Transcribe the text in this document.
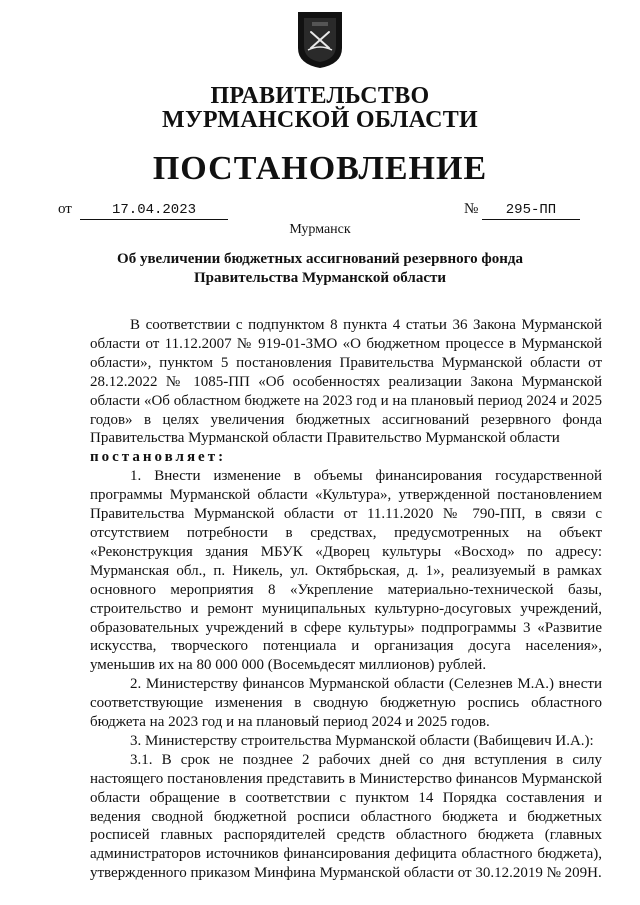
ПРАВИТЕЛЬСТВО
МУРМАНСКОЙ ОБЛАСТИ
ПОСТАНОВЛЕНИЕ
от	17.04.2023	№	295-ПП
Мурманск
Об увеличении бюджетных ассигнований резервного фонда
Правительства Мурманской области

В соответствии с подпунктом 8 пункта 4 статьи 36 Закона Мурманской области от 11.12.2007 № 919-01-ЗМО «О бюджетном процессе в Мурманской области», пунктом 5 постановления Правительства Мурманской области от 28.12.2022 № 1085-ПП «Об особенностях реализации Закона Мурманской области «Об областном бюджете на 2023 год и на плановый период 2024 и 2025 годов» в целях увеличения бюджетных ассигнований резервного фонда Правительства Мурманской области Правительство Мурманской области

постановляет:

1. Внести изменение в объемы финансирования государственной программы Мурманской области «Культура», утвержденной постановлением Правительства Мурманской области от 11.11.2020 № 790-ПП, в связи с отсутствием потребности в средствах, предусмотренных на объект «Реконструкция здания МБУК «Дворец культуры «Восход» по адресу: Мурманская обл., п. Никель, ул. Октябрьская, д. 1», реализуемый в рамках основного мероприятия 8 «Укрепление материально-технической базы, строительство и ремонт муниципальных культурно-досуговых учреждений, образовательных учреждений в сфере культуры» подпрограммы 3 «Развитие искусства, творческого потенциала и организация досуга населения», уменьшив их на 80 000 000 (Восемьдесят миллионов) рублей.

2. Министерству финансов Мурманской области (Селезнев М.А.) внести соответствующие изменения в сводную бюджетную роспись областного бюджета на 2023 год и на плановый период 2024 и 2025 годов.

3. Министерству строительства Мурманской области (Вабищевич И.А.):

3.1. В срок не позднее 2 рабочих дней со дня вступления в силу настоящего постановления представить в Министерство финансов Мурманской области обращение в соответствии с пунктом 14 Порядка составления и ведения сводной бюджетной росписи областного бюджета и бюджетных росписей главных распорядителей средств областного бюджета (главных администраторов источников финансирования дефицита областного бюджета), утвержденного приказом Минфина Мурманской области от 30.12.2019 № 209Н.
